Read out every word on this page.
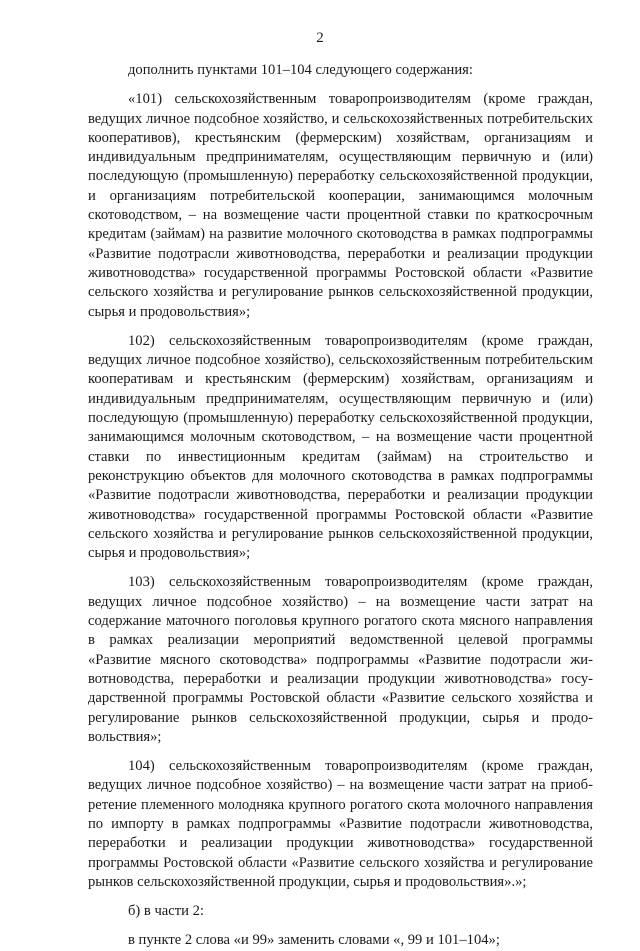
2

дополнить пунктами 101–104 следующего содержания:

«101) сельскохозяйственным товаропроизводителям (кроме граждан, ведущих личное подсобное хозяйство, и сельскохозяйственных потребительских кооперативов), крестьянским (фермерским) хозяйствам, организациям и индивидуальным предпринимателям, осуществляющим первичную и (или) последующую (промышленную) переработку сельскохозяйственной продукции, и организациям потребительской кооперации, занимающимся молочным скотоводством, – на возмещение части процентной ставки по краткосрочным кредитам (займам) на развитие молочного скотоводства в рамках подпрограммы «Развитие подотрасли животноводства, переработки и реализации продукции животноводства» государственной программы Ростовской области «Развитие сельского хозяйства и регулирование рынков сельскохозяйственной продукции, сырья и продовольствия»;

102) сельскохозяйственным товаропроизводителям (кроме граждан, ведущих личное подсобное хозяйство), сельскохозяйственным потребительским кооперативам и крестьянским (фермерским) хозяйствам, организациям и индивидуальным предпринимателям, осуществляющим первичную и (или) последующую (промышленную) переработку сельскохозяйственной продукции, занимающимся молочным скотоводством, – на возмещение части процентной ставки по инвестиционным кредитам (займам) на строительство и реконструкцию объектов для молочного скотоводства в рамках подпрограммы «Развитие подотрасли животноводства, переработки и реализации продукции животноводства» государственной программы Ростовской области «Развитие сельского хозяйства и регулирование рынков сельскохозяйственной продукции, сырья и продовольствия»;

103) сельскохозяйственным товаропроизводителям (кроме граждан, ведущих личное подсобное хозяйство) – на возмещение части затрат на содержание маточного поголовья крупного рогатого скота мясного направления в рамках реализации мероприятий ведомственной целевой программы «Развитие мясного скотоводства» подпрограммы «Развитие подотрасли животноводства, переработки и реализации продукции животноводства» государственной программы Ростовской области «Развитие сельского хозяйства и регулирование рынков сельскохозяйственной продукции, сырья и продовольствия»;

104) сельскохозяйственным товаропроизводителям (кроме граждан, ведущих личное подсобное хозяйство) – на возмещение части затрат на приобретение племенного молодняка крупного рогатого скота молочного направления по импорту в рамках подпрограммы «Развитие подотрасли животноводства, переработки и реализации продукции животноводства» государственной программы Ростовской области «Развитие сельского хозяйства и регулирование рынков сельскохозяйственной продукции, сырья и продовольствия».»;

б) в части 2:

в пункте 2 слова «и 99» заменить словами «, 99 и 101–104»;
